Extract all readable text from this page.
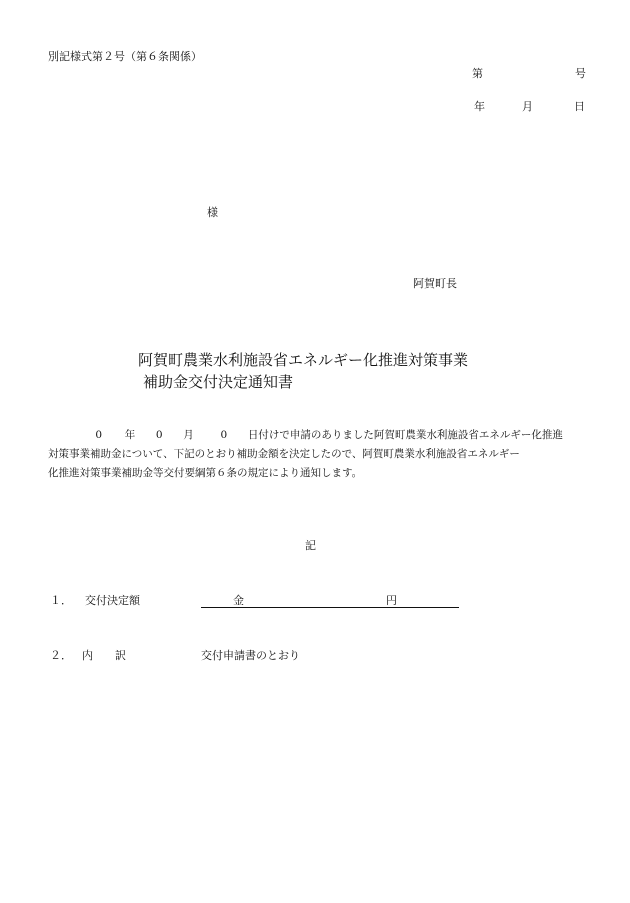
別記様式第２号（第６条関係）
第	号
年	月	日
様
阿賀町長
阿賀町農業水利施設省エネルギー化推進対策事業
補助金交付決定通知書
0 年 0 月	0 日付けで申請のありました阿賀町農業水利施設省エネルギー化推進
対策事業補助金について、下記のとおり補助金額を決定したので、阿賀町農業水利施設省エネルギー
化推進対策事業補助金等交付要綱第６条の規定により通知します。
記
１． 交付決定額	金	円
２． 内　　訳	交付申請書のとおり
